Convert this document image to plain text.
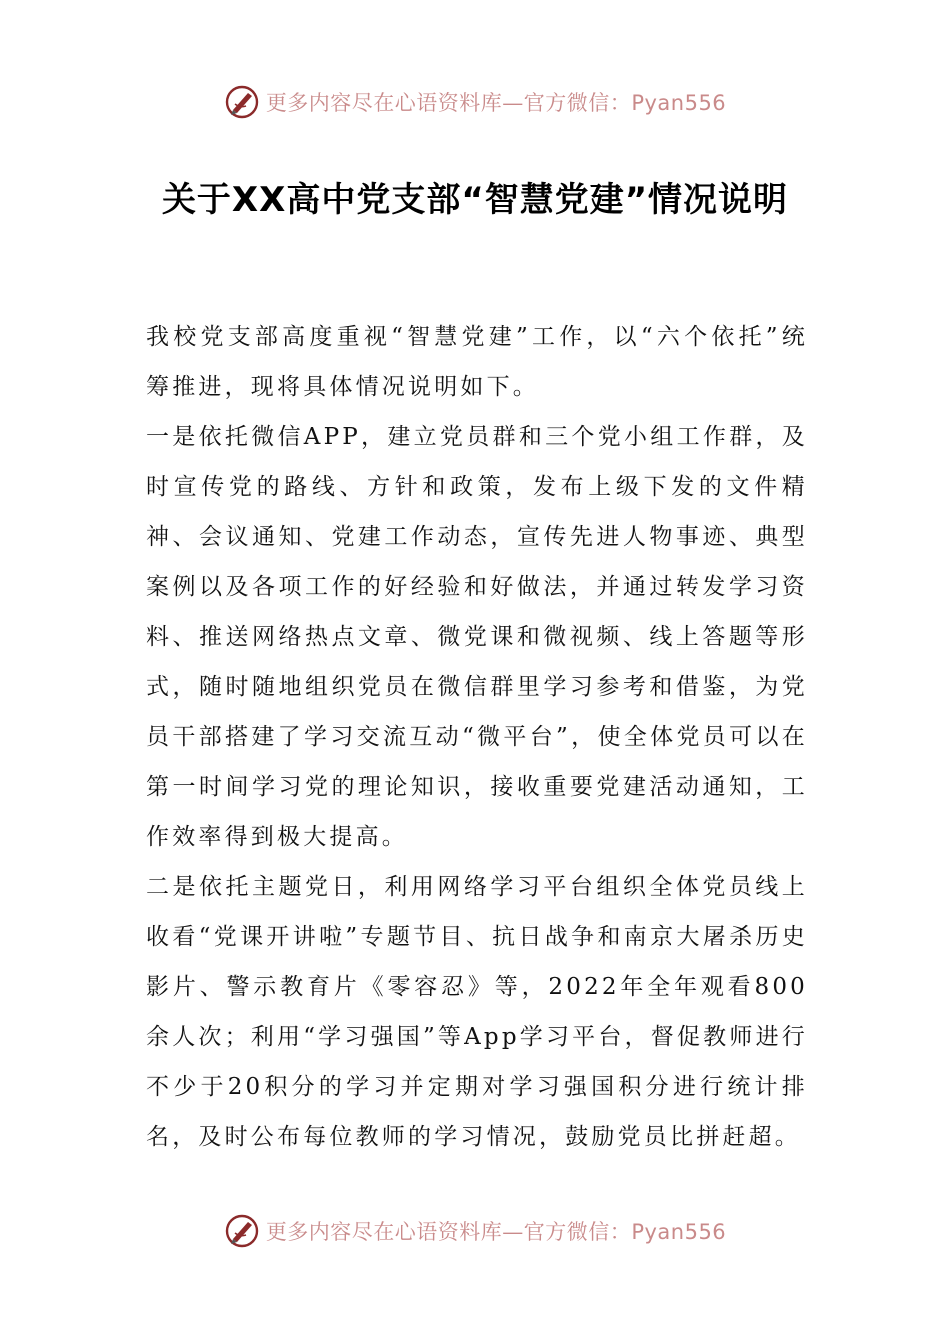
更多内容尽在心语资料库—官方微信：Pyan556
关于XX高中党支部“智慧党建”情况说明

我校党支部高度重视“智慧党建”工作，以“六个依托”统筹推进，现将具体情况说明如下。

一是依托微信APP，建立党员群和三个党小组工作群，及时宣传党的路线、方针和政策，发布上级下发的文件精神、会议通知、党建工作动态，宣传先进人物事迹、典型案例以及各项工作的好经验和好做法，并通过转发学习资料、推送网络热点文章、微党课和微视频、线上答题等形式，随时随地组织党员在微信群里学习参考和借鉴，为党员干部搭建了学习交流互动“微平台”，使全体党员可以在第一时间学习党的理论知识，接收重要党建活动通知，工作效率得到极大提高。

二是依托主题党日，利用网络学习平台组织全体党员线上收看“党课开讲啦”专题节目、抗日战争和南京大屠杀历史影片、警示教育片《零容忍》等，2022年全年观看800余人次；利用“学习强国”等App学习平台，督促教师进行不少于20积分的学习并定期对学习强国积分进行统计排名，及时公布每位教师的学习情况，鼓励党员比拼赶超。

更多内容尽在心语资料库—官方微信：Pyan556
